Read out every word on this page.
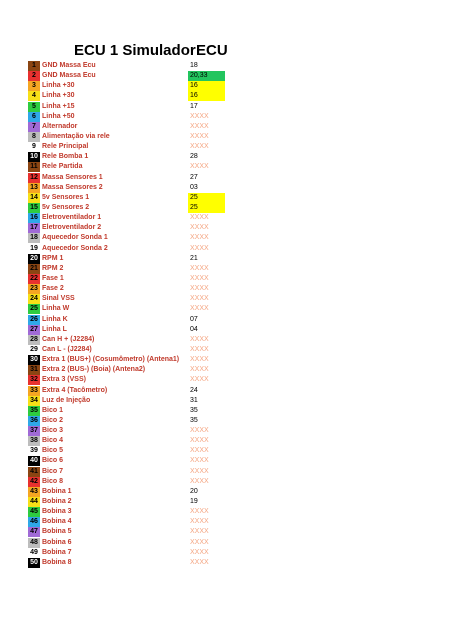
ECU 1 Simulador ECU
1 GND Massa Ecu	18
2 GND Massa Ecu	20,33
3 Linha +30	16
4 Linha +30	16
5 Linha +15	17
6 Linha +50	XXXX
7 Alternador	XXXX
8 Alimentação via rele	XXXX
9 Rele Principal	XXXX
10 Rele Bomba 1	28
11 Rele Partida	XXXX
12 Massa Sensores 1	27
13 Massa Sensores 2	03
14 5v Sensores 1	25
15 5v Sensores 2	25
16 Eletroventilador 1	XXXX
17 Eletroventilador 2	XXXX
18 Aquecedor Sonda 1	XXXX
19 Aquecedor Sonda 2	XXXX
20 RPM 1	21
21 RPM 2	XXXX
22 Fase 1	XXXX
23 Fase 2	XXXX
24 Sinal VSS	XXXX
25 Linha W	XXXX
26 Linha K	07
27 Linha L	04
28 Can H + (J2284)	XXXX
29 Can L - (J2284)	XXXX
30 Extra 1 (BUS+) (Cosumômetro) (Antena1) XXXX
31 Extra 2 (BUS-) (Boia) (Antena2)	XXXX
32 Extra 3 (VSS)	XXXX
33 Extra 4 (Tacômetro)	24
34 Luz de Injeção	31
35 Bico 1	35
36 Bico 2	35
37 Bico 3	XXXX
38 Bico 4	XXXX
39 Bico 5	XXXX
40 Bico 6	XXXX
41 Bico 7	XXXX
42 Bico 8	XXXX
43 Bobina 1	20
44 Bobina 2	19
45 Bobina 3	XXXX
46 Bobina 4	XXXX
47 Bobina 5	XXXX
48 Bobina 6	XXXX
49 Bobina 7	XXXX
50 Bobina 8	XXXX
